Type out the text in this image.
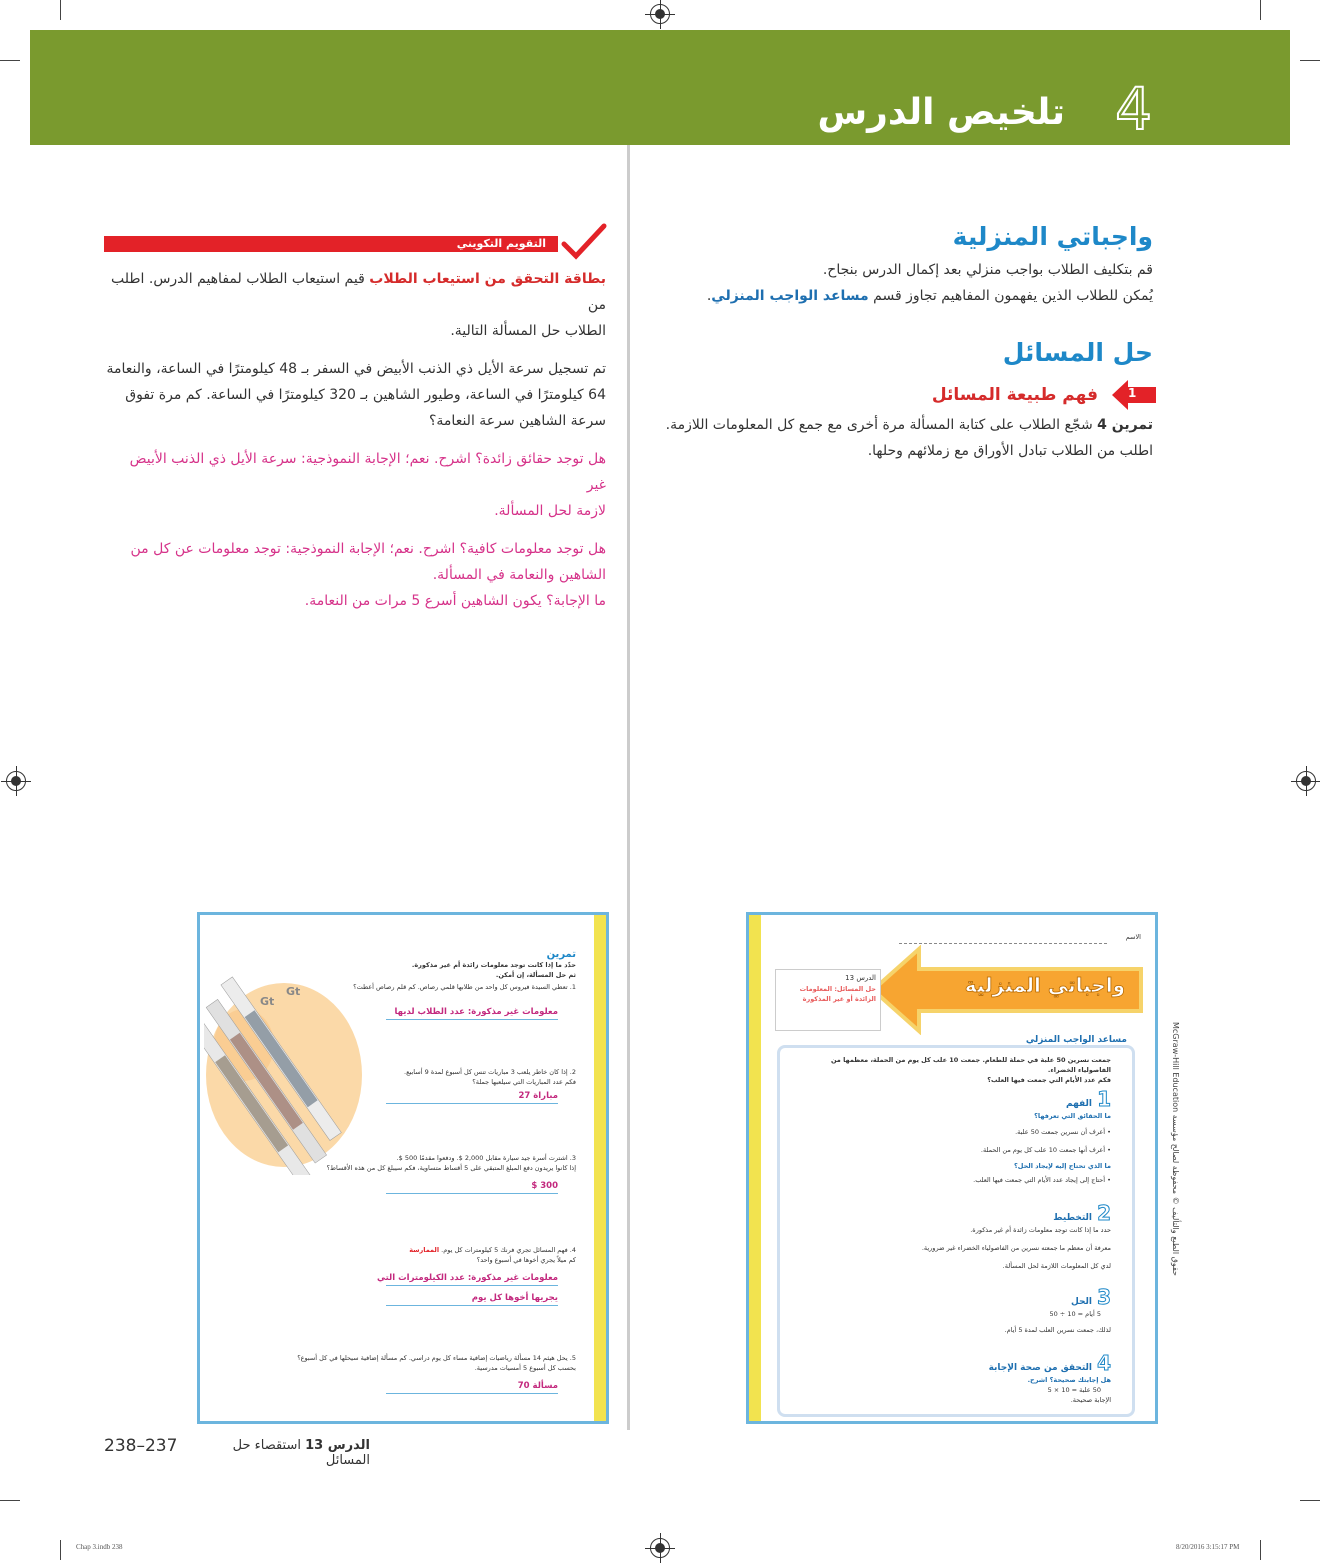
4
تلخيص الدرس
واجباتي المنزلية
قم بتكليف الطلاب بواجب منزلي بعد إكمال الدرس بنجاح.
يُمكن للطلاب الذين يفهمون المفاهيم تجاوز قسم مساعد الواجب المنزلي.
حل المسائل
1
فهم طبيعة المسائل
تمرين 4 شجّع الطلاب على كتابة المسألة مرة أخرى مع جمع كل المعلومات اللازمة.
اطلب من الطلاب تبادل الأوراق مع زملائهم وحلها.
التقويم التكويني
بطاقة التحقق من استيعاب الطلاب قيم استيعاب الطلاب لمفاهيم الدرس. اطلب من
الطلاب حل المسألة التالية.
تم تسجيل سرعة الأيل ذي الذنب الأبيض في السفر بـ 48 كيلومترًا في الساعة، والنعامة
64 كيلومترًا في الساعة، وطيور الشاهين بـ 320 كيلومترًا في الساعة. كم مرة تفوق
سرعة الشاهين سرعة النعامة؟
هل توجد حقائق زائدة؟ اشرح. نعم؛ الإجابة النموذجية: سرعة الأيل ذي الذنب الأبيض غير
لازمة لحل المسألة.
هل توجد معلومات كافية؟ اشرح. نعم؛ الإجابة النموذجية: توجد معلومات عن كل من
الشاهين والنعامة في المسألة.
ما الإجابة؟ يكون الشاهين أسرع 5 مرات من النعامة.
Gt
Gt
تمرين
حدّد ما إذا كانت توجد معلومات زائدة أم غير مذكورة.
ثم حل المسألة، إن أمكن.
1. تعطي السيدة فيروس كل واحد من طلابها قلمي رصاص. كم قلم رصاص أعطت؟
معلومات غير مذكورة: عدد الطلاب لديها
2. إذا كان خاطر يلعب 3 مباريات تنس كل أسبوع لمدة 9 أسابيع.
فكم عدد المباريات التي سيلعبها جملة؟
27 مباراة
3. اشترت أسرة جيد سيارة مقابل 2,000 $. ودفعوا مقدمًا 500 $.
إذا كانوا يريدون دفع المبلغ المتبقي على 5 أقساط متساوية، فكم سيبلغ كل من هذه الأقساط؟
$ 300
4. فهم المسائل تجري فرنك 5 كيلومترات كل يوم. الممارسة
كم ميلاً يجري أخوها في أسبوع واحد؟
معلومات غير مذكورة: عدد الكيلومترات التي
يجريها أخوها كل يوم
5. يحل هيثم 14 مسألة رياضيات إضافية مساء كل يوم دراسي. كم مسألة إضافية سيحلها في كل أسبوع؟
بحسب كل أسبوع 5 أمسيات مدرسية.
70 مسألة
الاسم
واجباتي المنزلية
الدرس 13
حل المسائل: المعلومات
الزائدة أو غير المذكورة
مساعد الواجب المنزلي
جمعت نسرين 50 علبة في حملة للطعام. جمعت 10 علب كل يوم من الحملة، معظمها من الفاصولياء الخضراء.
فكم عدد الأيام التي جمعت فيها العلب؟
1 الفهم
ما الحقائق التي تعرفها؟
• أعرف أن نسرين جمعت 50 علبة.
• أعرف أنها جمعت 10 علب كل يوم من الحملة.
ما الذي تحتاج إليه لإيجاد الحل؟
• أحتاج إلى إيجاد عدد الأيام التي جمعت فيها العلب.
2 التخطيط
حدد ما إذا كانت توجد معلومات زائدة أم غير مذكورة.
معرفة أن معظم ما جمعته نسرين من الفاصولياء الخضراء غير ضرورية.
لدي كل المعلومات اللازمة لحل المسألة.
3 الحل
5 أيام = 10 ÷ 50
لذلك، جمعت نسرين العلب لمدة 5 أيام.
4 التحقق من صحة الإجابة
هل إجابتك صحيحة؟ اشرح.
50 علبة = 10 × 5
الإجابة صحيحة.
McGraw-Hill Education حقوق الطبع والتأليف © محفوظة لصالح مؤسسة
238–237	الدرس 13 استقصاء حل المسائل
Chap 3.indb 238	8/20/2016 3:15:17 PM
